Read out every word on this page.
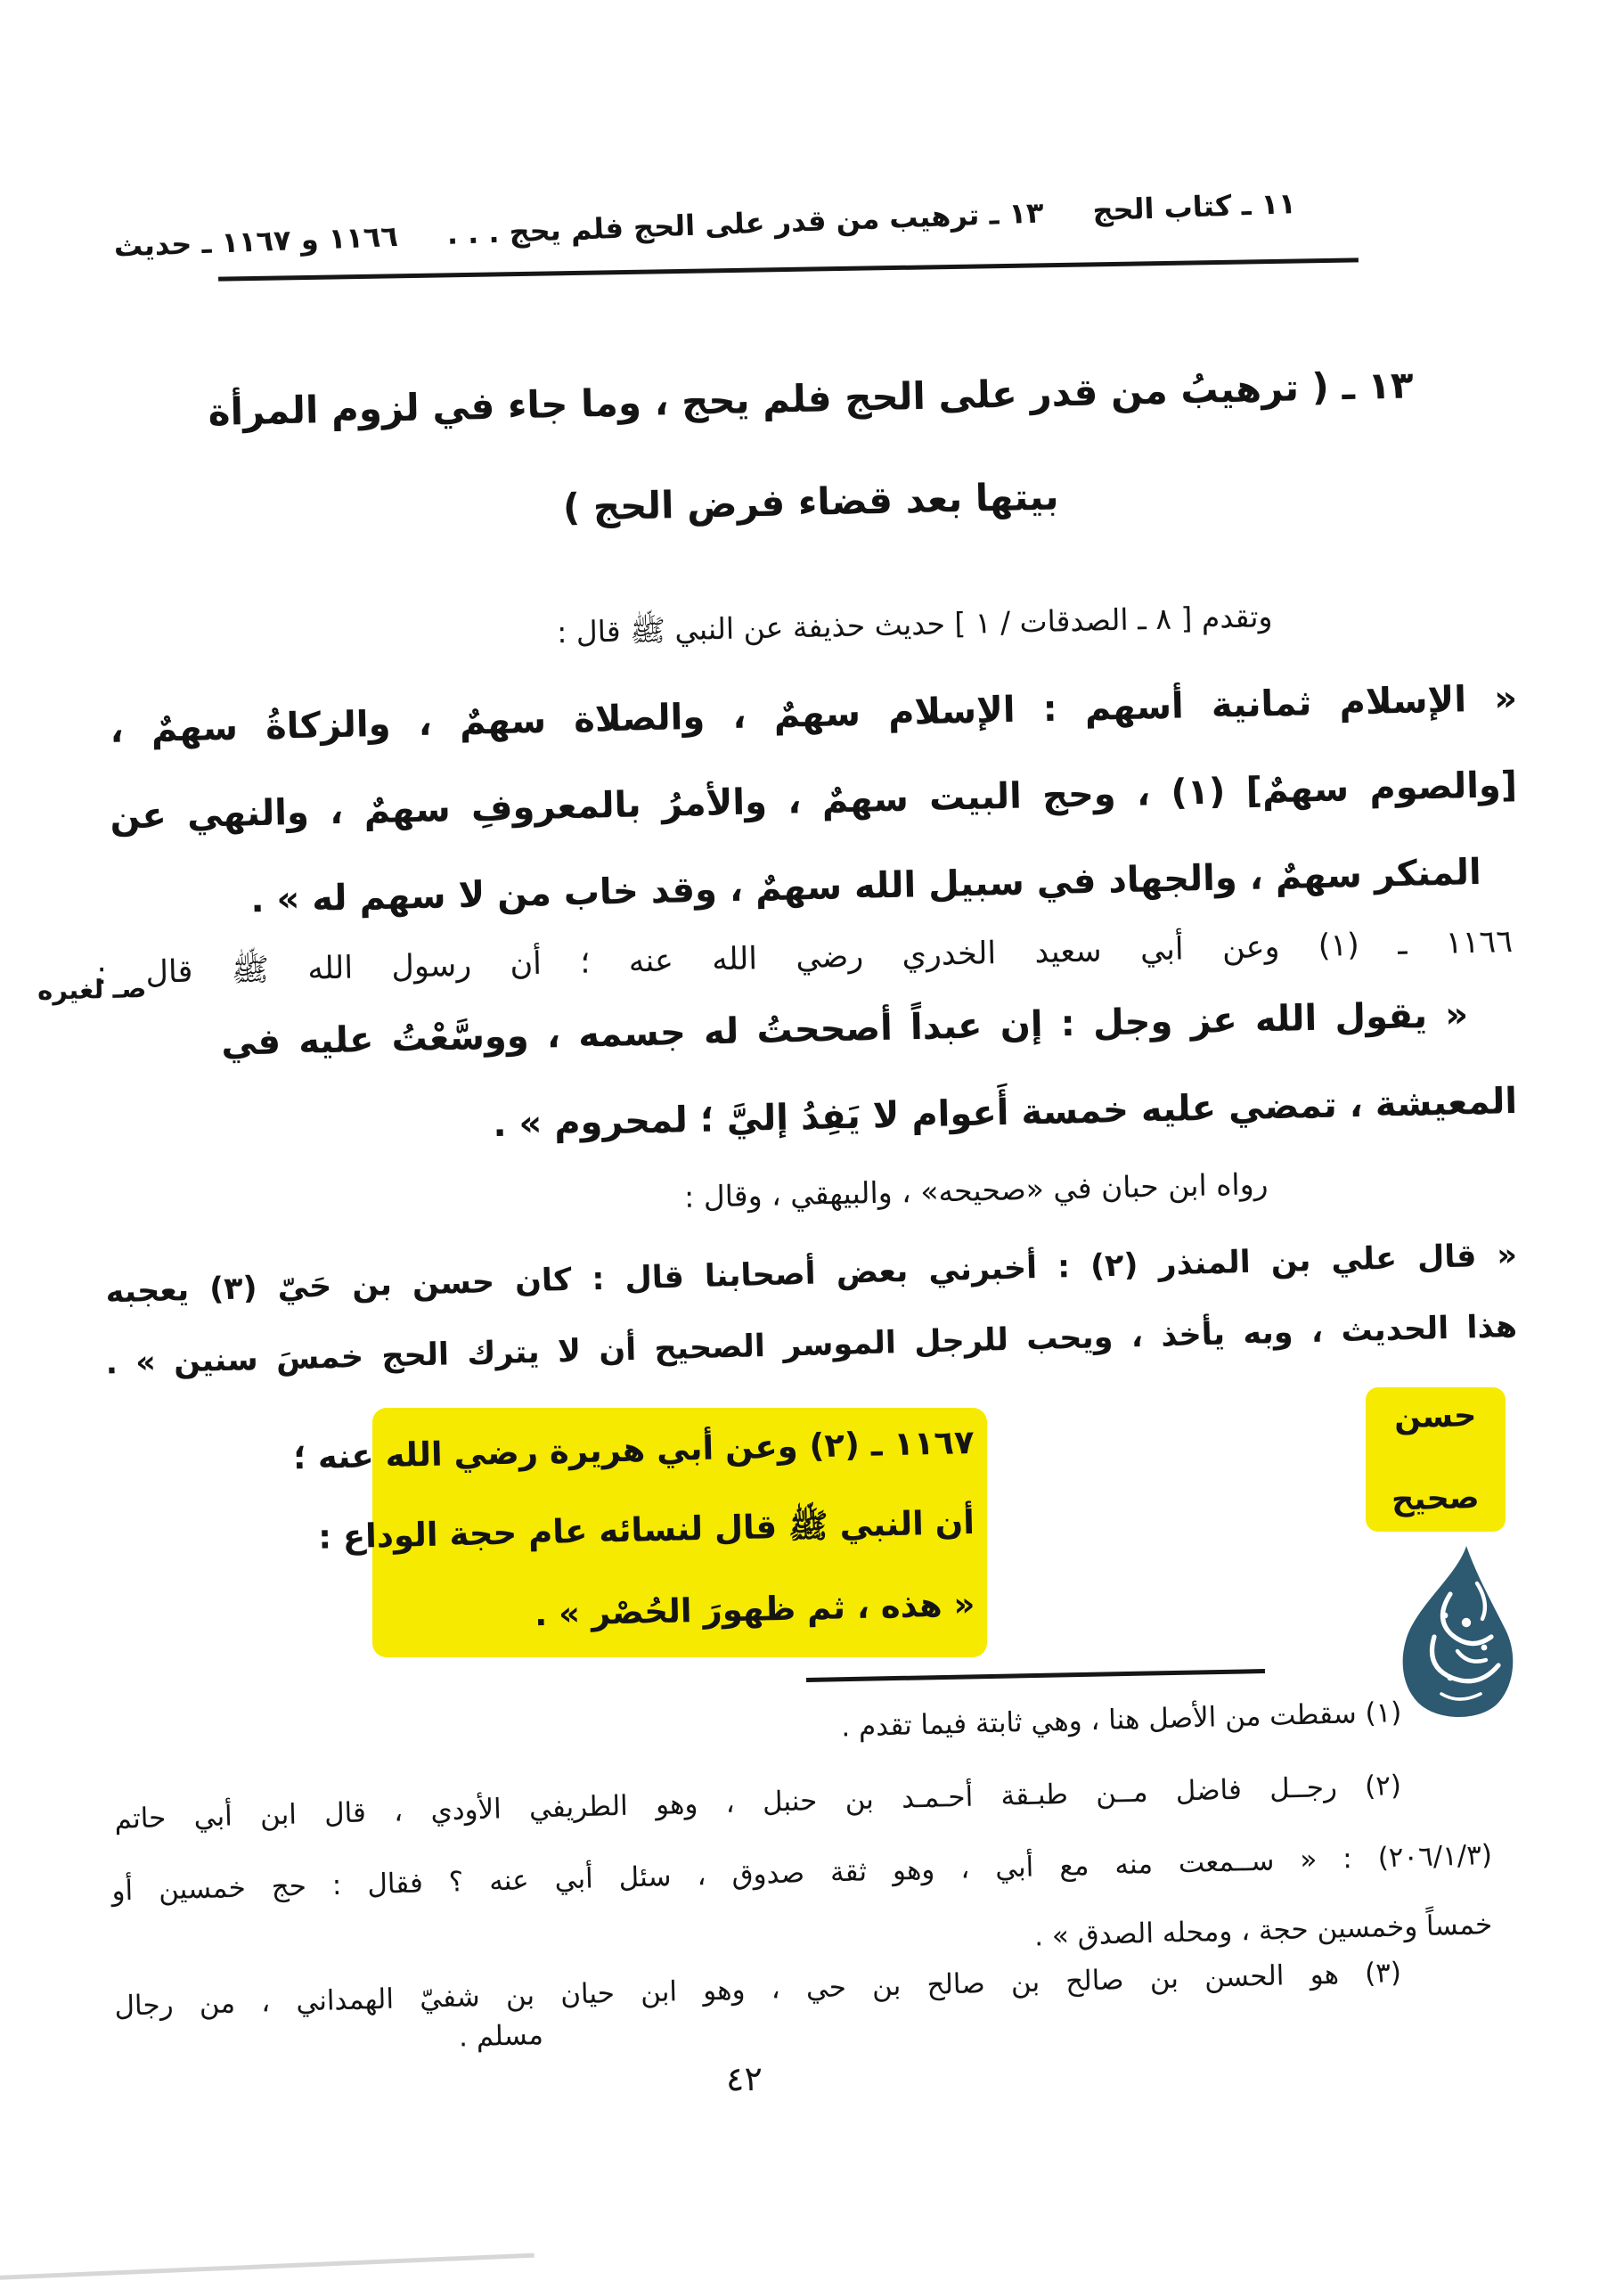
١١ ـ كتاب الحج
١٣ ـ ترهيب من قدر على الحج فلم يحج . . .
١١٦٦ و ١١٦٧ ـ حديث
١٣ ـ ( ترهيبُ من قدر على الحج فلم يحج ، وما جاء في لزوم المرأة
بيتها بعد قضاء فرض الحج )
وتقدم [ ٨ ـ الصدقات / ١ ] حديث حذيفة عن النبي ﷺ قال :
« الإسلام ثمانية أسهم : الإسلام سهمٌ ، والصلاة سهمٌ ، والزكاةُ سهمٌ ،
[والصوم سهمٌ] (١) ، وحج البيت سهمٌ ، والأمرُ بالمعروفِ سهمٌ ، والنهي عن
المنكر سهمٌ ، والجهاد في سبيل الله سهمٌ ، وقد خاب من لا سهم له » .
١١٦٦ ـ (١) وعن أبي سعيد الخدري رضي الله عنه ؛ أن رسول الله ﷺ قال :
صـ لغيره
« يقول الله عز وجل : إن عبداً أصححتُ له جسمه ، ووسَّعْتُ عليه في
المعيشة ، تمضي عليه خمسة أَعوام لا يَفِدُ إليَّ ؛ لمحروم » .
رواه ابن حبان في «صحيحه» ، والبيهقي ، وقال :
« قال علي بن المنذر (٢) : أخبرني بعض أصحابنا قال : كان حسن بن حَيّ (٣) يعجبه
هذا الحديث ، وبه يأخذ ، ويحب للرجل الموسر الصحيح أن لا يترك الحج خمسَ سنين » .
١١٦٧ ـ (٢) وعن أبي هريرة رضي الله عنه ؛
أن النبي ﷺ قال لنسائه عام حجة الوداع :
« هذه ، ثم ظهورَ الحُصْر » .
حسن
صحيح
(١) سقطت من الأصل هنا ، وهي ثابتة فيما تقدم .
(٢) رجــل فاضل مــن طبـقة أحـمـد بن حنبل ، وهو الطريفي الأودي ، قال ابن أبي حاتم
(٢٠٦/١/٣) : « ســمعت منه مع أبي ، وهو ثقة صدوق ، سئل أبي عنه ؟ فقال : حج خمسين أو
خمساً وخمسين حجة ، ومحله الصدق » .
(٣) هو الحسن بن صالح بن صالح بن حي ، وهو ابن حيان بن شفيّ الهمداني ، من رجال
مسلم .
٤٢
